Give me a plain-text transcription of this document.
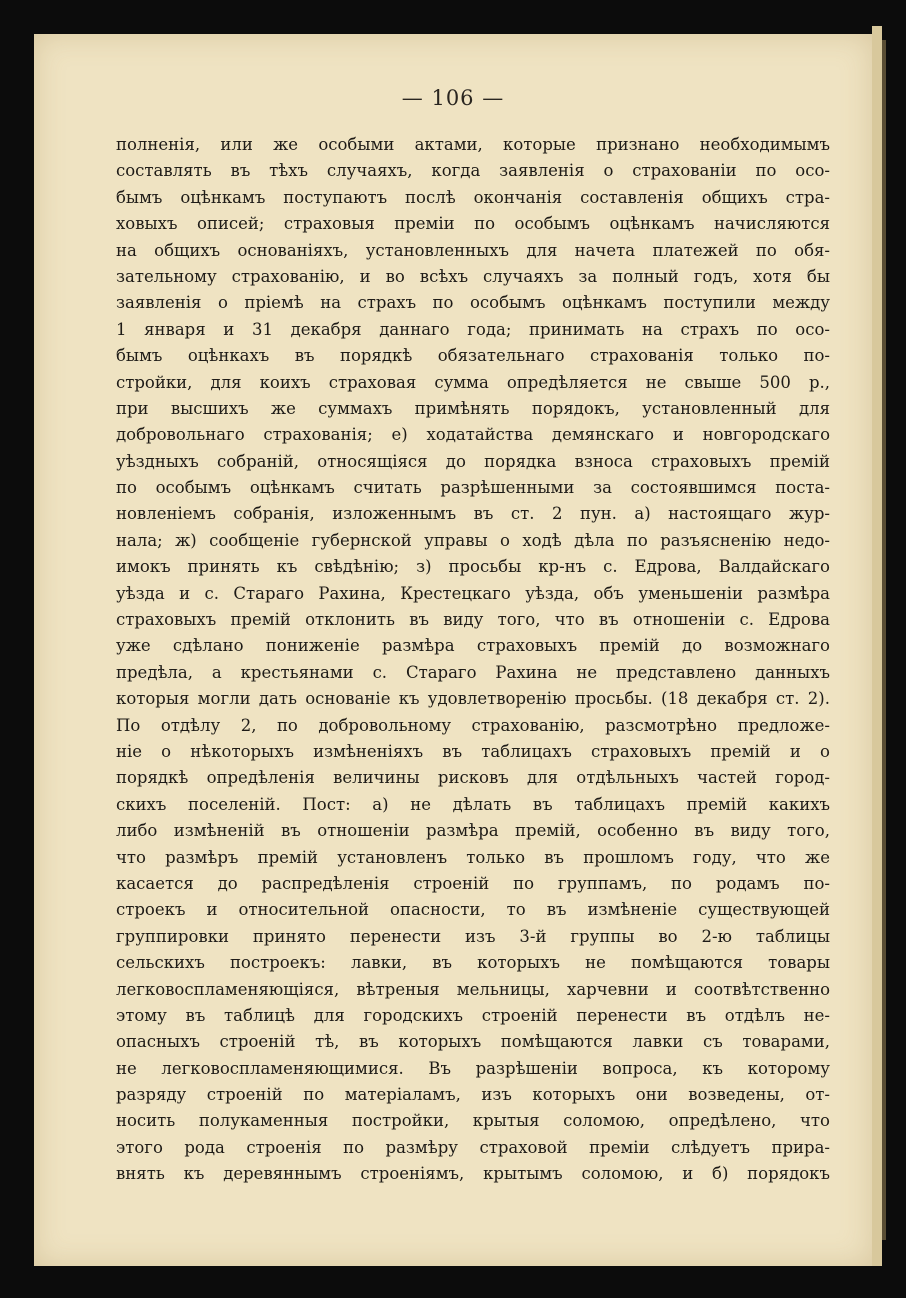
— 106 —
полненія, или же особыми актами, которые признано необходимымъ
составлять въ тѣхъ случаяхъ, когда заявленія о страхованіи по осо-
бымъ оцѣнкамъ поступаютъ послѣ окончанія составленія общихъ стра-
ховыхъ описей; страховыя преміи по особымъ оцѣнкамъ начисляются
на общихъ основаніяхъ, установленныхъ для начета платежей по обя-
зательному страхованію, и во всѣхъ случаяхъ за полный годъ, хотя бы
заявленія о пріемѣ на страхъ по особымъ оцѣнкамъ поступили между
1 января и 31 декабря даннаго года; принимать на страхъ по осо-
бымъ оцѣнкахъ въ порядкѣ обязательнаго страхованія только по-
стройки, для коихъ страховая сумма опредѣляется не свыше 500 р.,
при высшихъ же суммахъ примѣнять порядокъ, установленный для
добровольнаго страхованія; е) ходатайства демянскаго и новгородскаго
уѣздныхъ собраній, относящіяся до порядка взноса страховыхъ премій
по особымъ оцѣнкамъ считать разрѣшенными за состоявшимся поста-
новленіемъ собранія, изложеннымъ въ ст. 2 пун. а) настоящаго жур-
нала; ж) сообщеніе губернской управы о ходѣ дѣла по разъясненію недо-
имокъ принять къ свѣдѣнію; з) просьбы кр-нъ с. Едрова, Валдайскаго
уѣзда и с. Стараго Рахина, Крестецкаго уѣзда, объ уменьшеніи размѣра
страховыхъ премій отклонить въ виду того, что въ отношеніи с. Едрова
уже сдѣлано пониженіе размѣра страховыхъ премій до возможнаго
предѣла, а крестьянами с. Стараго Рахина не представлено данныхъ
которыя могли дать основаніе къ удовлетворенію просьбы. (18 декабря ст. 2).
По отдѣлу 2, по добровольному страхованію, разсмотрѣно предложе-
ніе о нѣкоторыхъ измѣненіяхъ въ таблицахъ страховыхъ премій и о
порядкѣ опредѣленія величины рисковъ для отдѣльныхъ частей город-
скихъ поселеній. Пост: а) не дѣлать въ таблицахъ премій какихъ
либо измѣненій въ отношеніи размѣра премій, особенно въ виду того,
что размѣръ премій установленъ только въ прошломъ году, что же
касается до распредѣленія строеній по группамъ, по родамъ по-
строекъ и относительной опасности, то въ измѣненіе существующей
группировки принято перенести изъ 3-й группы во 2-ю таблицы
сельскихъ построекъ: лавки, въ которыхъ не помѣщаются товары
легковоспламеняющіяся, вѣтреныя мельницы, харчевни и соотвѣтственно
этому въ таблицѣ для городскихъ строеній перенести въ отдѣлъ не-
опасныхъ строеній тѣ, въ которыхъ помѣщаются лавки съ товарами,
не легковоспламеняющимися. Въ разрѣшеніи вопроса, къ которому
разряду строеній по матеріаламъ, изъ которыхъ они возведены, от-
носить полукаменныя постройки, крытыя соломою, опредѣлено, что
этого рода строенія по размѣру страховой преміи слѣдуетъ прира-
внять къ деревяннымъ строеніямъ, крытымъ соломою, и б) порядокъ
